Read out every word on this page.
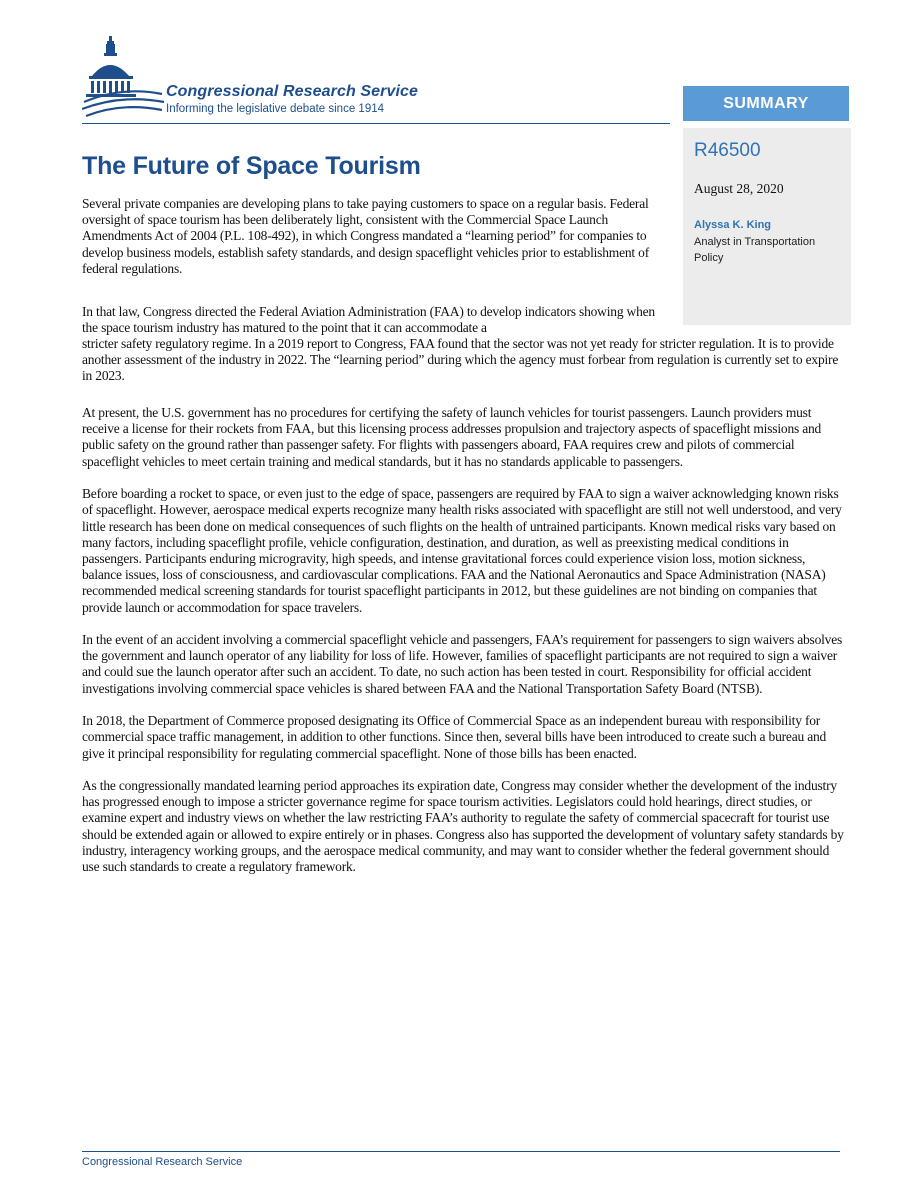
Congressional Research Service
Informing the legislative debate since 1914	SUMMARY
R46500
August 28, 2020
Alyssa K. King
Analyst in Transportation Policy
The Future of Space Tourism

Several private companies are developing plans to take paying customers to space on a regular basis. Federal oversight of space tourism has been deliberately light, consistent with the Commercial Space Launch Amendments Act of 2004 (P.L. 108-492), in which Congress mandated a “learning period” for companies to develop business models, establish safety standards, and design spaceflight vehicles prior to establishment of federal regulations.

In that law, Congress directed the Federal Aviation Administration (FAA) to develop indicators showing when the space tourism industry has matured to the point that it can accommodate a
stricter safety regulatory regime. In a 2019 report to Congress, FAA found that the sector was not yet ready for stricter regulation. It is to provide another assessment of the industry in 2022. The “learning period” during which the agency must forbear from regulation is currently set to expire in 2023.

At present, the U.S. government has no procedures for certifying the safety of launch vehicles for tourist passengers. Launch providers must receive a license for their rockets from FAA, but this licensing process addresses propulsion and trajectory aspects of spaceflight missions and public safety on the ground rather than passenger safety. For flights with passengers aboard, FAA requires crew and pilots of commercial spaceflight vehicles to meet certain training and medical standards, but it has no standards applicable to passengers.

Before boarding a rocket to space, or even just to the edge of space, passengers are required by FAA to sign a waiver acknowledging known risks of spaceflight. However, aerospace medical experts recognize many health risks associated with spaceflight are still not well understood, and very little research has been done on medical consequences of such flights on the health of untrained participants. Known medical risks vary based on many factors, including spaceflight profile, vehicle configuration, destination, and duration, as well as preexisting medical conditions in passengers. Participants enduring microgravity, high speeds, and intense gravitational forces could experience vision loss, motion sickness, balance issues, loss of consciousness, and cardiovascular complications. FAA and the National Aeronautics and Space Administration (NASA) recommended medical screening standards for tourist spaceflight participants in 2012, but these guidelines are not binding on companies that provide launch or accommodation for space travelers.

In the event of an accident involving a commercial spaceflight vehicle and passengers, FAA’s requirement for passengers to sign waivers absolves the government and launch operator of any liability for loss of life. However, families of spaceflight participants are not required to sign a waiver and could sue the launch operator after such an accident. To date, no such action has been tested in court. Responsibility for official accident investigations involving commercial space vehicles is shared between FAA and the National Transportation Safety Board (NTSB).

In 2018, the Department of Commerce proposed designating its Office of Commercial Space as an independent bureau with responsibility for commercial space traffic management, in addition to other functions. Since then, several bills have been introduced to create such a bureau and give it principal responsibility for regulating commercial spaceflight. None of those bills has been enacted.

As the congressionally mandated learning period approaches its expiration date, Congress may consider whether the development of the industry has progressed enough to impose a stricter governance regime for space tourism activities. Legislators could hold hearings, direct studies, or examine expert and industry views on whether the law restricting FAA’s authority to regulate the safety of commercial spacecraft for tourist use should be extended again or allowed to expire entirely or in phases. Congress also has supported the development of voluntary safety standards by industry, interagency working groups, and the aerospace medical community, and may want to consider whether the federal government should use such standards to create a regulatory framework.

Congressional Research Service
